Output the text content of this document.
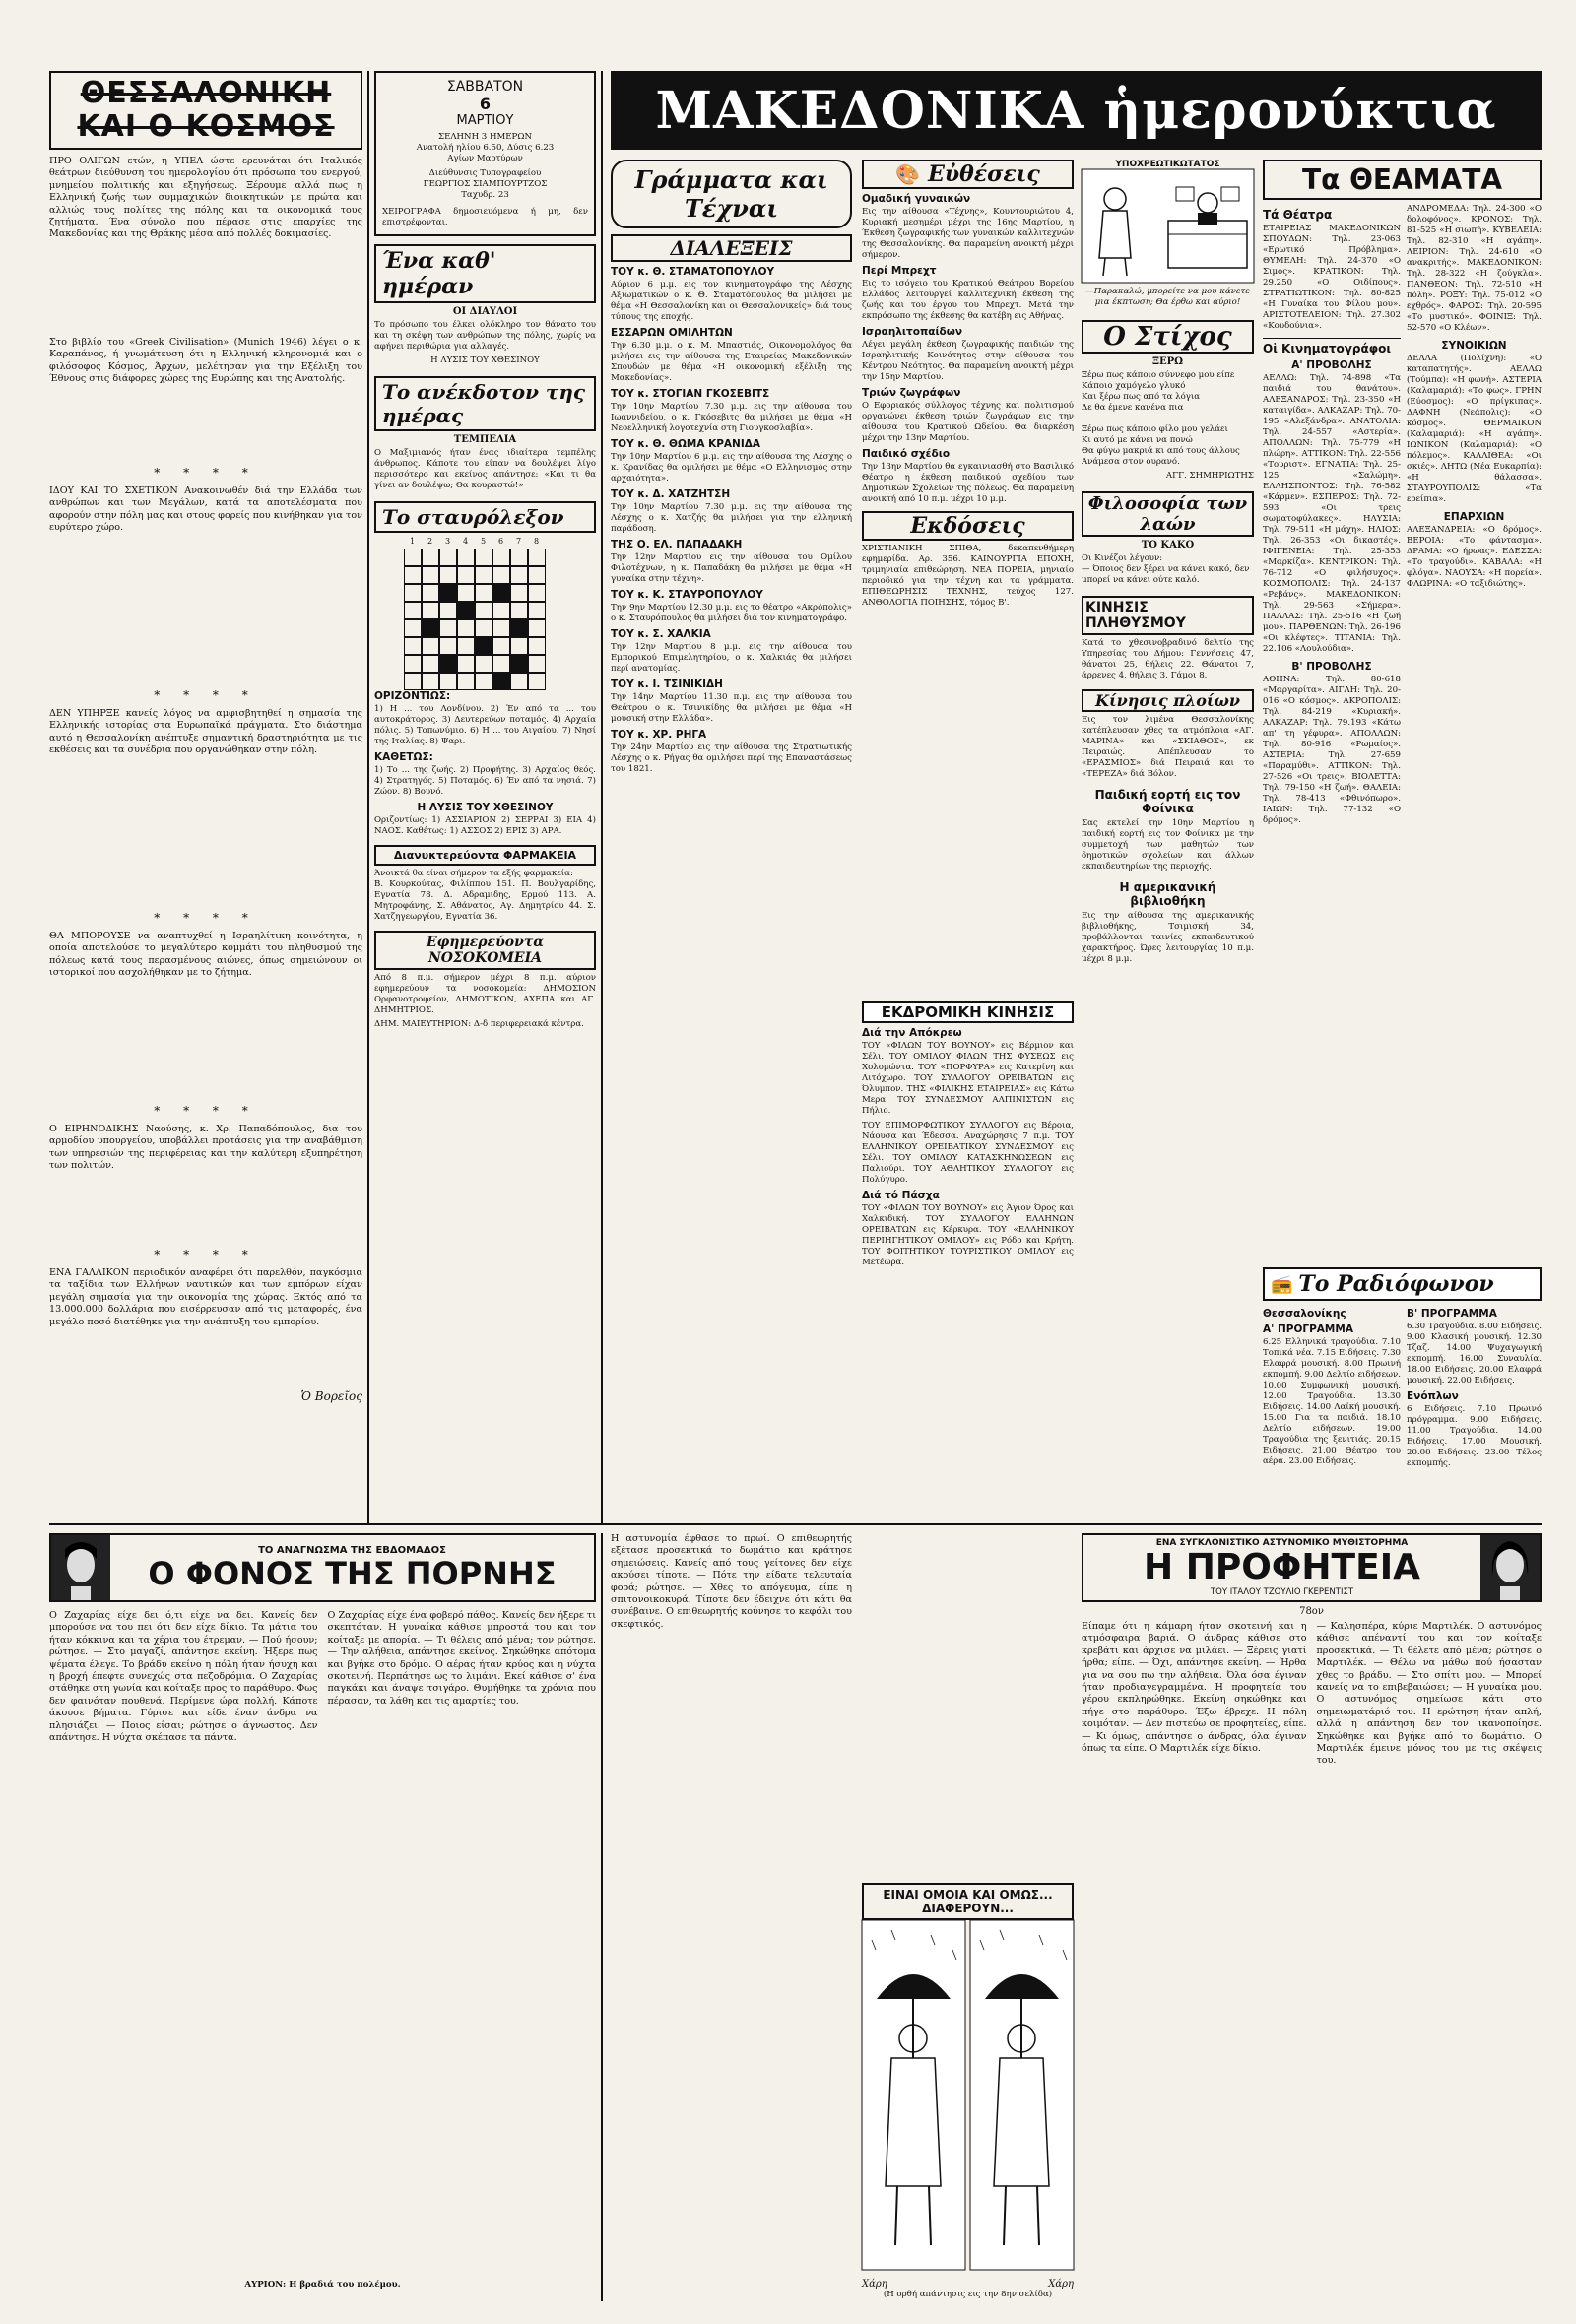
ΘΕΣΣΑΛΟΝΙΚΗ ΚΑΙ Ο ΚΟΣΜΟΣ
ΠΡΟ ΟΛΙΓΩΝ ετών, η ΥΠΕΛ ώστε ερευνάται ότι Ιταλικός θεάτρων διεύθυνση του ημερολογίου ότι πρόσωπα του ενεργού, μνημείου πολιτικής και εξηγήσεως. Ξέρουμε αλλά πως η Ελληνική ζωής των συμμαχικών διοικητικών με πρώτα και αλλιώς τους πολίτες της πόλης και τα οικονομικά τους ζητήματα. Ένα σύνολο που πέρασε στις επαρχίες της Μακεδονίας και της Θράκης μέσα από πολλές δοκιμασίες.
Στο βιβλίο του «Greek Civilisation» (Munich 1946) λέγει ο κ. Καραπάνος, ή γνωμάτευση ότι η Ελληνική κληρονομιά και ο φιλόσοφος Κόσμος, Άρχων, μελέτησαν για την Εξέλιξη του Έθνους στις διάφορες χώρες της Ευρώπης και της Ανατολής.
* * * *
ΙΔΟΥ ΚΑΙ ΤΟ ΣΧΕΤΙΚΟΝ Ανακοινωθέν διά την Ελλάδα των ανθρώπων και των Μεγάλων, κατά τα αποτελέσματα που αφορούν στην πόλη μας και στους φορείς που κινήθηκαν για τον ευρύτερο χώρο.
* * * *
ΔΕΝ ΥΠΗΡΞΕ κανείς λόγος να αμφισβητηθεί η σημασία της Ελληνικής ιστορίας στα Ευρωπαϊκά πράγματα. Στο διάστημα αυτό η Θεσσαλονίκη ανέπτυξε σημαντική δραστηριότητα με τις εκθέσεις και τα συνέδρια που οργανώθηκαν στην πόλη.
* * * *
ΘΑ ΜΠΟΡΟΥΣΕ να αναπτυχθεί η Ισραηλίτικη κοινότητα, η οποία αποτελούσε το μεγαλύτερο κομμάτι του πληθυσμού της πόλεως κατά τους περασμένους αιώνες, όπως σημειώνουν οι ιστορικοί που ασχολήθηκαν με το ζήτημα.
* * * *
Ο ΕΙΡΗΝΟΔΙΚΗΣ Ναούσης, κ. Χρ. Παπαδόπουλος, δια του αρμοδίου υπουργείου, υποβάλλει προτάσεις για την αναβάθμιση των υπηρεσιών της περιφέρειας και την καλύτερη εξυπηρέτηση των πολιτών.
* * * *
ΕΝΑ ΓΑΛΛΙΚΟΝ περιοδικόν αναφέρει ότι παρελθόν, παγκόσμια τα ταξίδια των Ελλήνων ναυτικών και των εμπόρων είχαν μεγάλη σημασία για την οικονομία της χώρας. Εκτός από τα 13.000.000 δολλάρια που εισέρρευσαν από τις μεταφορές, ένα μεγάλο ποσό διατέθηκε για την ανάπτυξη του εμπορίου.
Ὁ Βορεῖος
ΣΑΒΒΑΤΟΝ
6
ΜΑΡΤΙΟΥ
ΣΕΛΗΝΗ 3 ΗΜΕΡΩΝ
Ανατολή ηλίου 6.50, Δύσις 6.23
Αγίων Μαρτύρων
Διεύθυνσις Τυπογραφείου
ΓΕΩΡΓΙΟΣ ΣΙΑΜΠΟΥΡΤΖΟΣ
Ταχυδρ. 23
ΧΕΙΡΟΓΡΑΦΑ δημοσιευόμενα ή μη, δεν επιστρέφονται.
Ένα καθ' ημέραν
ΟΙ ΔΙΑΥΛΟΙ
Το πρόσωπο του έλκει ολόκληρο τον θάνατο του και τη σκέψη των ανθρώπων της πόλης, χωρίς να αφήνει περιθώρια για αλλαγές.
Η ΛΥΣΙΣ ΤΟΥ ΧΘΕΣΙΝΟΥ
Το ανέκδοτον της ημέρας
ΤΕΜΠΕΛΙΑ
Ο Μαξιμιανός ήταν ένας ιδιαίτερα τεμπέλης άνθρωπος. Κάποτε του είπαν να δουλέψει λίγο περισσότερο και εκείνος απάντησε: «Και τι θα γίνει αν δουλέψω; Θα κουραστώ!»
Το σταυρόλεξον
1 2 3 4 5 6 7 8
ΟΡΙΖΟΝΤΙΩΣ:
1) Η ... του Λονδίνου. 2) Έν από τα ... του αυτοκράτορος. 3) Δευτερεύων ποταμός. 4) Αρχαία πόλις. 5) Τοπωνύμιο. 6) Η ... του Αιγαίου. 7) Νησί της Ιταλίας. 8) Ψαρι.
ΚΑΘΕΤΩΣ:
1) Το ... της ζωής. 2) Προφήτης. 3) Αρχαίος θεός. 4) Στρατηγός. 5) Ποταμός. 6) Έν από τα νησιά. 7) Ζώον. 8) Βουνό.
Η ΛΥΣΙΣ ΤΟΥ ΧΘΕΣΙΝΟΥ
Οριζοντίως: 1) ΑΣΣΙΑΡΙΟΝ 2) ΣΕΡΡΑΙ 3) ΕΙΑ 4) ΝΑΟΣ. Καθέτως: 1) ΑΣΣΟΣ 2) ΕΡΙΣ 3) ΑΡΑ.
Διανυκτερεύοντα ΦΑΡΜΑΚΕΙΑ
Άνοικτά θα είναι σήμερον τα εξής φαρμακεία:
Β. Κουρκούτας, Φιλίππου 151. Π. Βουλγαρίδης, Εγνατία 78. Δ. Αδραμιδης, Ερμού 113. Α. Μητροφάνης, Σ. Αθάνατος, Αγ. Δημητρίου 44. Σ. Χατζηγεωργίου, Εγνατία 36.
Εφημερεύοντα ΝΟΣΟΚΟΜΕΙΑ
Από 8 π.μ. σήμερον μέχρι 8 π.μ. αύριον εφημερεύουν τα νοσοκομεία: ΔΗΜΟΣΙΟΝ Ορφανοτροφείον, ΔΗΜΟΤΙΚΟΝ, ΑΧΕΠΑ και ΑΓ. ΔΗΜΗΤΡΙΟΣ.
ΔΗΜ. ΜΑΙΕΥΤΗΡΙΟΝ: Δ-δ περιφερειακά κέντρα.
ΜΑΚΕΔΟΝΙΚΑ ἡμερονύκτια
Γράμματα και Τέχναι
ΔΙΑΛΕΞΕΙΣ
ΤΟΥ κ. Θ. ΣΤΑΜΑΤΟΠΟΥΛΟΥ
Αύριον 6 μ.μ. εις τον κινηματογράφο της Λέσχης Αξιωματικών ο κ. Θ. Σταματόπουλος θα μιλήσει με θέμα «Η Θεσσαλονίκη και οι Θεσσαλονικείς» διά τους τύπους της εποχής.
ΕΣΣΑΡΩΝ ΟΜΙΛΗΤΩΝ
Την 6.30 μ.μ. ο κ. Μ. Μπαστιάς, Οικονομολόγος θα μιλήσει εις την αίθουσα της Εταιρείας Μακεδονικών Σπουδών με θέμα «Η οικονομική εξέλιξη της Μακεδονίας».
ΤΟΥ κ. ΣΤΟΓΙΑΝ ΓΚΟΣΕΒΙΤΣ
Την 10ην Μαρτίου 7.30 μ.μ. εις την αίθουσα του Ιωαννιδείου, ο κ. Γκόσεβιτς θα μιλήσει με θέμα «Η Νεοελληνική λογοτεχνία στη Γιουγκοσλαβία».
ΤΟΥ κ. Θ. ΘΩΜΑ ΚΡΑΝΙΔΑ
Την 10ην Μαρτίου 6 μ.μ. εις την αίθουσα της Λέσχης ο κ. Κρανίδας θα ομιλήσει με θέμα «Ο Ελληνισμός στην αρχαιότητα».
ΤΟΥ κ. Δ. ΧΑΤΖΗΤΣΗ
Την 10ην Μαρτίου 7.30 μ.μ. εις την αίθουσα της Λέσχης ο κ. Χατζής θα μιλήσει για την ελληνική παράδοση.
ΤΗΣ Ο. ΕΛ. ΠΑΠΑΔΑΚΗ
Την 12ην Μαρτίου εις την αίθουσα του Ομίλου Φιλοτέχνων, η κ. Παπαδάκη θα μιλήσει με θέμα «Η γυναίκα στην τέχνη».
ΤΟΥ κ. Κ. ΣΤΑΥΡΟΠΟΥΛΟΥ
Την 9ην Μαρτίου 12.30 μ.μ. εις το θέατρο «Ακρόπολις» ο κ. Σταυρόπουλος θα μιλήσει διά τον κινηματογράφο.
ΤΟΥ κ. Σ. ΧΑΛΚΙΑ
Την 12ην Μαρτίου 8 μ.μ. εις την αίθουσα του Εμπορικού Επιμελητηρίου, ο κ. Χαλκιάς θα μιλήσει περί ανατομίας.
ΤΟΥ κ. Ι. ΤΣΙΝΙΚΙΔΗ
Την 14ην Μαρτίου 11.30 π.μ. εις την αίθουσα του Θεάτρου ο κ. Τσινικίδης θα μιλήσει με θέμα «Η μουσική στην Ελλάδα».
ΤΟΥ κ. ΧΡ. ΡΗΓΑ
Την 24ην Μαρτίου εις την αίθουσα της Στρατιωτικής Λέσχης ο κ. Ρήγας θα ομιλήσει περί της Επαναστάσεως του 1821.
🎨 Εὐθέσεις
Ομαδική γυναικών
Εις την αίθουσα «Τέχνης», Κουντουριώτου 4, Κυριακή μεσημέρι μέχρι της 16ης Μαρτίου, η Έκθεση ζωγραφικής των γυναικών καλλιτεχνών της Θεσσαλονίκης. Θα παραμείνη ανοικτή μέχρι σήμερον.
Περί Μπρεχτ
Εις το ισόγειο του Κρατικού Θεάτρου Βορείου Ελλάδος λειτουργεί καλλιτεχνική έκθεση της ζωής και του έργου του Μπρεχτ. Μετά την εκπρόσωπο της έκθεσης θα κατέβη εις Αθήνας.
Ισραηλιτοπαίδων
Λέγει μεγάλη έκθεση ζωγραφικής παιδιών της Ισραηλιτικής Κοινότητος στην αίθουσα του Κέντρου Νεότητος. Θα παραμείνη ανοικτή μέχρι την 15ην Μαρτίου.
Τριών ζωγράφων
Ο Εφοριακός σύλλογος τέχνης και πολιτισμού οργανώνει έκθεση τριών ζωγράφων εις την αίθουσα του Κρατικού Ωδείου. Θα διαρκέση μέχρι την 13ην Μαρτίου.
Παιδικό σχέδιο
Την 13ην Μαρτίου θα εγκαινιασθή στο Βασιλικό Θέατρο η έκθεση παιδικού σχεδίου των Δημοτικών Σχολείων της πόλεως. Θα παραμείνη ανοικτή από 10 π.μ. μέχρι 10 μ.μ.
Εκδόσεις
ΧΡΙΣΤΙΑΝΙΚΗ ΣΠΙΘΑ, δεκαπενθήμερη εφημερίδα. Αρ. 356. ΚΑΙΝΟΥΡΓΙΑ ΕΠΟΧΗ, τριμηνιαία επιθεώρηση. ΝΕΑ ΠΟΡΕΙΑ, μηνιαίο περιοδικό για την τέχνη και τα γράμματα. ΕΠΙΘΕΩΡΗΣΙΣ ΤΕΧΝΗΣ, τεύχος 127. ΑΝΘΟΛΟΓΙΑ ΠΟΙΗΣΗΣ, τόμος Β'.
ΥΠΟΧΡΕΩΤΙΚΩΤΑΤΟΣ
—Παρακαλώ, μπορείτε να μου κάνετε μια έκπτωση; Θα έρθω και αύριο!
Ο Στίχος
ΞΕΡΩ
Ξέρω πως κάποιο σύννεφο μου είπε
Κάποιο χαμόγελο γλυκό
Και ξέρω πως από τα λόγια
Δε θα έμενε κανένα πια

Ξέρω πως κάποιο φίλο μου γελάει
Κι αυτό με κάνει να πονώ
Θα φύγω μακριά κι από τους άλλους
Ανάμεσα στον ουρανό.
ΑΓΓ. ΣΗΜΗΡΙΩΤΗΣ
Φιλοσοφία των λαών
ΤΟ ΚΑΚΟ
Οι Κινέζοι λέγουν:
— Όποιος δεν ξέρει να κάνει κακό, δεν μπορεί να κάνει ούτε καλό.
ΚΙΝΗΣΙΣ ΠΛΗΘΥΣΜΟΥ
Κατά το χθεσινοβραδινό δελτίο της Υπηρεσίας του Δήμου: Γεννήσεις 47, θάνατοι 25, θήλεις 22. Θάνατοι 7, άρρενες 4, θήλεις 3. Γάμοι 8.
Κίνησις πλοίων
Εις τον λιμένα Θεσσαλονίκης κατέπλευσαν χθες τα ατμόπλοια «ΑΓ. ΜΑΡΙΝΑ» και «ΣΚΙΑΘΟΣ», εκ Πειραιώς. Απέπλευσαν το «ΕΡΑΣΜΙΟΣ» διά Πειραιά και το «ΤΕΡΕΖΑ» διά Βόλον.
Παιδική εορτή εις τον Φοίνικα
Σας εκτελεί την 10ην Μαρτίου η παιδική εορτή εις τον Φοίνικα με την συμμετοχή των μαθητών των δημοτικών σχολείων και άλλων εκπαιδευτηρίων της περιοχής.
Η αμερικανική βιβλιοθήκη
Εις την αίθουσα της αμερικανικής βιβλιοθήκης, Τσιμισκή 34, προβάλλονται ταινίες εκπαιδευτικού χαρακτήρος. Ώρες λειτουργίας 10 π.μ. μέχρι 8 μ.μ.
ΕΚΔΡΟΜΙΚΗ ΚΙΝΗΣΙΣ
Διά την Απόκρεω
ΤΟΥ «ΦΙΛΩΝ ΤΟΥ ΒΟΥΝΟΥ» εις Βέρμιον και Σέλι. ΤΟΥ ΟΜΙΛΟΥ ΦΙΛΩΝ ΤΗΣ ΦΥΣΕΩΣ εις Χολομώντα. ΤΟΥ «ΠΟΡΦΥΡΑ» εις Κατερίνη και Λιτόχωρο. ΤΟΥ ΣΥΛΛΟΓΟΥ ΟΡΕΙΒΑΤΩΝ εις Όλυμπον. ΤΗΣ «ΦΙΛΙΚΗΣ ΕΤΑΙΡΕΙΑΣ» εις Κάτω Μερα. ΤΟΥ ΣΥΝΔΕΣΜΟΥ ΑΛΠΙΝΙΣΤΩΝ εις Πήλιο.
ΤΟΥ ΕΠΙΜΟΡΦΩΤΙΚΟΥ ΣΥΛΛΟΓΟΥ εις Βέροια, Νάουσα και Έδεσσα. Αναχώρησις 7 π.μ. ΤΟΥ ΕΛΛΗΝΙΚΟΥ ΟΡΕΙΒΑΤΙΚΟΥ ΣΥΝΔΕΣΜΟΥ εις Σέλι. ΤΟΥ ΟΜΙΛΟΥ ΚΑΤΑΣΚΗΝΩΣΕΩΝ εις Παλιούρι. ΤΟΥ ΑΘΛΗΤΙΚΟΥ ΣΥΛΛΟΓΟΥ εις Πολύγυρο.
Διά τό Πάσχα
ΤΟΥ «ΦΙΛΩΝ ΤΟΥ ΒΟΥΝΟΥ» εις Άγιον Όρος και Χαλκιδική. ΤΟΥ ΣΥΛΛΟΓΟΥ ΕΛΛΗΝΩΝ ΟΡΕΙΒΑΤΩΝ εις Κέρκυρα. ΤΟΥ «ΕΛΛΗΝΙΚΟΥ ΠΕΡΙΗΓΗΤΙΚΟΥ ΟΜΙΛΟΥ» εις Ρόδο και Κρήτη. ΤΟΥ ΦΟΙΤΗΤΙΚΟΥ ΤΟΥΡΙΣΤΙΚΟΥ ΟΜΙΛΟΥ εις Μετέωρα.
Τα ΘΕΑΜΑΤΑ
Τά Θέατρα
ΕΤΑΙΡΕΙΑΣ ΜΑΚΕΔΟΝΙΚΩΝ ΣΠΟΥΔΩΝ: Τηλ. 23-063 «Ερωτικό Πρόβλημα». ΘΥΜΕΛΗ: Τηλ. 24-370 «Ο Σιμος». ΚΡΑΤΙΚΟΝ: Τηλ. 29.250 «Ο Οιδίπους». ΣΤΡΑΤΙΩΤΙΚΟΝ: Τηλ. 80-825 «Η Γυναίκα του Φίλου μου». ΑΡΙΣΤΟΤΕΛΕΙΟΝ: Τηλ. 27.302 «Κουδούνια».
Οἱ Κινηματογράφοι
Α' ΠΡΟΒΟΛΗΣ
ΑΕΛΛΩ: Τηλ. 74-898 «Τα παιδιά του θανάτου». ΑΛΕΞΑΝΔΡΟΣ: Τηλ. 23-350 «Η καταιγίδα». ΑΛΚΑΖΑΡ: Τηλ. 70-195 «Αλεξάνδρα». ΑΝΑΤΟΛΙΑ: Τηλ. 24-557 «Αστερία». ΑΠΟΛΛΩΝ: Τηλ. 75-779 «Η πλώρη». ΑΤΤΙΚΟΝ: Τηλ. 22-556 «Τουριστ». ΕΓΝΑΤΙΑ: Τηλ. 25-125 «Σαλώμη». ΕΛΛΗΣΠΟΝΤΟΣ: Τηλ. 76-582 «Κάρμεν». ΕΣΠΕΡΟΣ: Τηλ. 72-593 «Οι τρεις σωματοφύλακες». ΗΛΥΣΙΑ: Τηλ. 79-511 «Η μάχη». ΗΛΙΟΣ: Τηλ. 26-353 «Οι δικαστές». ΙΦΙΓΕΝΕΙΑ: Τηλ. 25-353 «Μαρκίζα». ΚΕΝΤΡΙΚΟΝ: Τηλ. 76-712 «Ο φιλήσυχος». ΚΟΣΜΟΠΟΛΙΣ: Τηλ. 24-137 «Ρεβάνς». ΜΑΚΕΔΟΝΙΚΟΝ: Τηλ. 29-563 «Σήμερα». ΠΑΛΛΑΣ: Τηλ. 25-516 «Η ζωή μου». ΠΑΡΘΕΝΩΝ: Τηλ. 26-196 «Οι κλέφτες». ΤΙΤΑΝΙΑ: Τηλ. 22.106 «Λουλούδια».
Β' ΠΡΟΒΟΛΗΣ
ΑΘΗΝΑ: Τηλ. 80-618 «Μαργαρίτα». ΑΙΓΛΗ: Τηλ. 20-016 «Ο κόσμος». ΑΚΡΟΠΟΛΙΣ: Τηλ. 84-219 «Κυριακή». ΑΛΚΑΖΑΡ: Τηλ. 79.193 «Κάτω απ' τη γέφυρα». ΑΠΟΛΛΩΝ: Τηλ. 80-916 «Ρωμαίος». ΑΣΤΕΡΙΑ: Τηλ. 27-659 «Παραμύθι». ΑΤΤΙΚΟΝ: Τηλ. 27-526 «Οι τρεις». ΒΙΟΛΕΤΤΑ: Τηλ. 79-150 «Η ζωή». ΘΑΛΕΙΑ: Τηλ. 78-413 «Φθινόπωρο». ΙΑΙΩΝ: Τηλ. 77-132 «Ο δρόμος».
ΑΝΔΡΟΜΕΔΑ: Τηλ. 24-300 «Ο δολοφόνος». ΚΡΟΝΟΣ: Τηλ. 81-525 «Η σιωπή». ΚΥΒΕΛΕΙΑ: Τηλ. 82-310 «Η αγάπη». ΛΕΙΡΙΟΝ: Τηλ. 24-610 «Ο ανακριτής». ΜΑΚΕΔΟΝΙΚΟΝ: Τηλ. 28-322 «Η ζούγκλα». ΠΑΝΘΕΟΝ: Τηλ. 72-510 «Η πόλη». ΡΟΞΥ: Τηλ. 75-012 «Ο εχθρός». ΦΑΡΟΣ: Τηλ. 20-595 «Το μυστικό». ΦΟΙΝΙΞ: Τηλ. 52-570 «Ο Κλέων».
ΣΥΝΟΙΚΙΩΝ
ΔΕΛΛΑ (Πολίχνη): «Ο καταπατητής». ΑΕΛΛΩ (Τούμπα): «Η φωνή». ΑΣΤΕΡΙΑ (Καλαμαριά): «Το φως». ΓΡΗΝ (Εύοσμος): «Ο πρίγκιπας». ΔΑΦΝΗ (Νεάπολις): «Ο κόσμος». ΘΕΡΜΑΙΚΟΝ (Καλαμαριά): «Η αγάπη». ΙΩΝΙΚΟΝ (Καλαμαριά): «Ο πόλεμος». ΚΑΛΛΙΘΕΑ: «Οι σκιές». ΛΗΤΩ (Νέα Ευκαρπία): «Η θάλασσα». ΣΤΑΥΡΟΥΠΟΛΙΣ: «Τα ερείπια».
ΕΠΑΡΧΙΩΝ
ΑΛΕΞΑΝΔΡΕΙΑ: «Ο δρόμος». ΒΕΡΟΙΑ: «Το φάντασμα». ΔΡΑΜΑ: «Ο ήρωας». ΕΔΕΣΣΑ: «Το τραγούδι». ΚΑΒΑΛΑ: «Η φλόγα». ΝΑΟΥΣΑ: «Η πορεία». ΦΛΩΡΙΝΑ: «Ο ταξιδιώτης».
📻 Το Ραδιόφωνον
Θεσσαλονίκης
Α' ΠΡΟΓΡΑΜΜΑ
6.25 Ελληνικά τραγούδια. 7.10 Τοπικά νέα. 7.15 Ειδήσεις. 7.30 Ελαφρά μουσική. 8.00 Πρωινή εκπομπή. 9.00 Δελτίο ειδήσεων. 10.00 Συμφωνική μουσική. 12.00 Τραγούδια. 13.30 Ειδήσεις. 14.00 Λαϊκή μουσική. 15.00 Για τα παιδιά. 18.10 Δελτίο ειδήσεων. 19.00 Τραγούδια της ξενιτιάς. 20.15 Ειδήσεις. 21.00 Θέατρο του αέρα. 23.00 Ειδήσεις.
Β' ΠΡΟΓΡΑΜΜΑ
6.30 Τραγούδια. 8.00 Ειδήσεις. 9.00 Κλασική μουσική. 12.30 Τζαζ. 14.00 Ψυχαγωγική εκπομπή. 16.00 Συναυλία. 18.00 Ειδήσεις. 20.00 Ελαφρά μουσική. 22.00 Ειδήσεις.
Ενόπλων
6 Ειδήσεις. 7.10 Πρωινό πρόγραμμα. 9.00 Ειδήσεις. 11.00 Τραγούδια. 14.00 Ειδήσεις. 17.00 Μουσική. 20.00 Ειδήσεις. 23.00 Τέλος εκπομπής.
ΤΟ ΑΝΑΓΝΩΣΜΑ ΤΗΣ ΕΒΔΟΜΑΔΟΣ
Ο ΦΟΝΟΣ ΤΗΣ ΠΟΡΝΗΣ
Ο Ζαχαρίας είχε δει ό,τι είχε να δει. Κανείς δεν μπορούσε να του πει ότι δεν είχε δίκιο. Τα μάτια του ήταν κόκκινα και τα χέρια του έτρεμαν. — Πού ήσουν; ρώτησε. — Στο μαγαζί, απάντησε εκείνη. Ήξερε πως ψέματα έλεγε. Το βράδυ εκείνο η πόλη ήταν ήσυχη και η βροχή έπεφτε συνεχώς στα πεζοδρόμια. Ο Ζαχαρίας στάθηκε στη γωνία και κοίταξε προς το παράθυρο. Φως δεν φαινόταν πουθενά. Περίμενε ώρα πολλή. Κάποτε άκουσε βήματα. Γύρισε και είδε έναν άνδρα να πλησιάζει. — Ποιος είσαι; ρώτησε ο άγνωστος. Δεν απάντησε. Η νύχτα σκέπασε τα πάντα.
Ο Ζαχαρίας είχε ένα φοβερό πάθος. Κανείς δεν ήξερε τι σκεπτόταν. Η γυναίκα κάθισε μπροστά του και τον κοίταξε με απορία. — Τι θέλεις από μένα; τον ρώτησε. — Την αλήθεια, απάντησε εκείνος. Σηκώθηκε απότομα και βγήκε στο δρόμο. Ο αέρας ήταν κρύος και η νύχτα σκοτεινή. Περπάτησε ως το λιμάνι. Εκεί κάθισε σ' ένα παγκάκι και άναψε τσιγάρο. Θυμήθηκε τα χρόνια που πέρασαν, τα λάθη και τις αμαρτίες του.
ΑΥΡΙΟΝ: Η βραδιά του πολέμου.
Η αστυνομία έφθασε το πρωί. Ο επιθεωρητής εξέτασε προσεκτικά το δωμάτιο και κράτησε σημειώσεις. Κανείς από τους γείτονες δεν είχε ακούσει τίποτε. — Πότε την είδατε τελευταία φορά; ρώτησε. — Χθες το απόγευμα, είπε η σπιτονοικοκυρά. Τίποτε δεν έδειχνε ότι κάτι θα συνέβαινε. Ο επιθεωρητής κούνησε το κεφάλι του σκεφτικός.
ΕΙΝΑΙ ΟΜΟΙΑ ΚΑΙ ΟΜΩΣ... ΔΙΑΦΕΡΟΥΝ...
Χάρη	Χάρη
(Η ορθή απάντησις εις την 8ην σελίδα)
ΕΝΑ ΣΥΓΚΛΟΝΙΣΤΙΚΟ ΑΣΤΥΝΟΜΙΚΟ ΜΥΘΙΣΤΟΡΗΜΑ
Η ΠΡΟΦΗΤΕΙΑ
ΤΟΥ ΙΤΑΛΟΥ ΤΖΟΥΛΙΟ ΓΚΕΡΕΝΤΙΣΤ
78ον
Είπαμε ότι η κάμαρη ήταν σκοτεινή και η ατμόσφαιρα βαριά. Ο άνδρας κάθισε στο κρεβάτι και άρχισε να μιλάει. — Ξέρεις γιατί ήρθα; είπε. — Όχι, απάντησε εκείνη. — Ήρθα για να σου πω την αλήθεια. Όλα όσα έγιναν ήταν προδιαγεγραμμένα. Η προφητεία του γέρου εκπληρώθηκε. Εκείνη σηκώθηκε και πήγε στο παράθυρο. Έξω έβρεχε. Η πόλη κοιμόταν. — Δεν πιστεύω σε προφητείες, είπε. — Κι όμως, απάντησε ο άνδρας, όλα έγιναν όπως τα είπε. Ο Μαρτιλέκ είχε δίκιο.
— Καλησπέρα, κύριε Μαρτιλέκ. Ο αστυνόμος κάθισε απέναντί του και τον κοίταξε προσεκτικά. — Τι θέλετε από μένα; ρώτησε ο Μαρτιλέκ. — Θέλω να μάθω πού ήσασταν χθες το βράδυ. — Στο σπίτι μου. — Μπορεί κανείς να το επιβεβαιώσει; — Η γυναίκα μου. Ο αστυνόμος σημείωσε κάτι στο σημειωματάριό του. Η ερώτηση ήταν απλή, αλλά η απάντηση δεν τον ικανοποίησε. Σηκώθηκε και βγήκε από το δωμάτιο. Ο Μαρτιλέκ έμεινε μόνος του με τις σκέψεις του.
